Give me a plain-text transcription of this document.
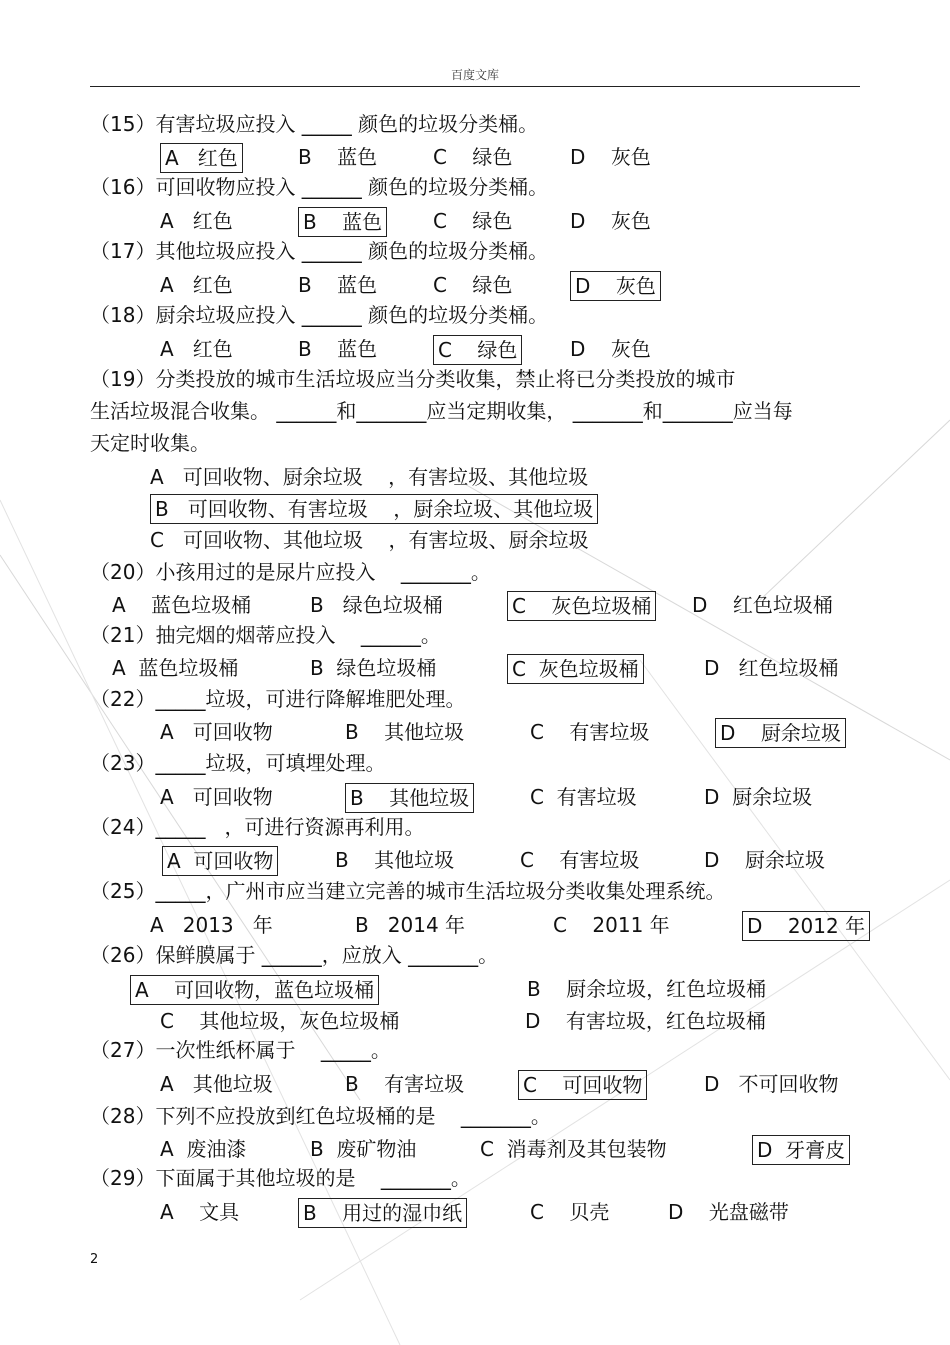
百度文库
（15）有害垃圾应投入 _____ 颜色的垃圾分类桶。
A   红色	B    蓝色	C    绿色	D    灰色
（16）可回收物应投入 ______ 颜色的垃圾分类桶。
A   红色	B    蓝色	C    绿色	D    灰色
（17）其他垃圾应投入 ______ 颜色的垃圾分类桶。
A   红色	B    蓝色	C    绿色	D    灰色
（18）厨余垃圾应投入 ______ 颜色的垃圾分类桶。
A   红色	B    蓝色	C    绿色	D    灰色
（19）分类投放的城市生活垃圾应当分类收集，禁止将已分类投放的城市
生活垃圾混合收集。 ______和_______应当定期收集， _______和_______应当每
天定时收集。
A   可回收物、厨余垃圾    ，有害垃圾、其他垃圾
B   可回收物、有害垃圾    ，厨余垃圾、其他垃圾
C   可回收物、其他垃圾    ，有害垃圾、厨余垃圾
（20）小孩用过的是尿片应投入    _______。
A    蓝色垃圾桶	B   绿色垃圾桶	C    灰色垃圾桶 D    红色垃圾桶
（21）抽完烟的烟蒂应投入    ______。
A  蓝色垃圾桶	B  绿色垃圾桶	C  灰色垃圾桶	D   红色垃圾桶
（22）_____垃圾，可进行降解堆肥处理。
A   可回收物	B    其他垃圾	C    有害垃圾	D    厨余垃圾
（23）_____垃圾，可填埋处理。
A   可回收物	B    其他垃圾	C  有害垃圾	D  厨余垃圾
（24）_____   ，可进行资源再利用。
A  可回收物	B    其他垃圾	C    有害垃圾	D    厨余垃圾
（25）_____，广州市应当建立完善的城市生活垃圾分类收集处理系统。
A   2013   年	B   2014 年	C    2011 年	D    2012 年
（26）保鲜膜属于 ______，应放入 _______。
A    可回收物，蓝色垃圾桶	B    厨余垃圾，红色垃圾桶
C    其他垃圾，灰色垃圾桶	D    有害垃圾，红色垃圾桶
（27）一次性纸杯属于    _____。
A   其他垃圾	B    有害垃圾	C    可回收物	D   不可回收物
（28）下列不应投放到红色垃圾桶的是    _______。
A  废油漆	B  废矿物油	C  消毒剂及其包装物	D  牙膏皮
（29）下面属于其他垃圾的是    _______。
A    文具	B    用过的湿巾纸	C    贝壳	D    光盘磁带
2
